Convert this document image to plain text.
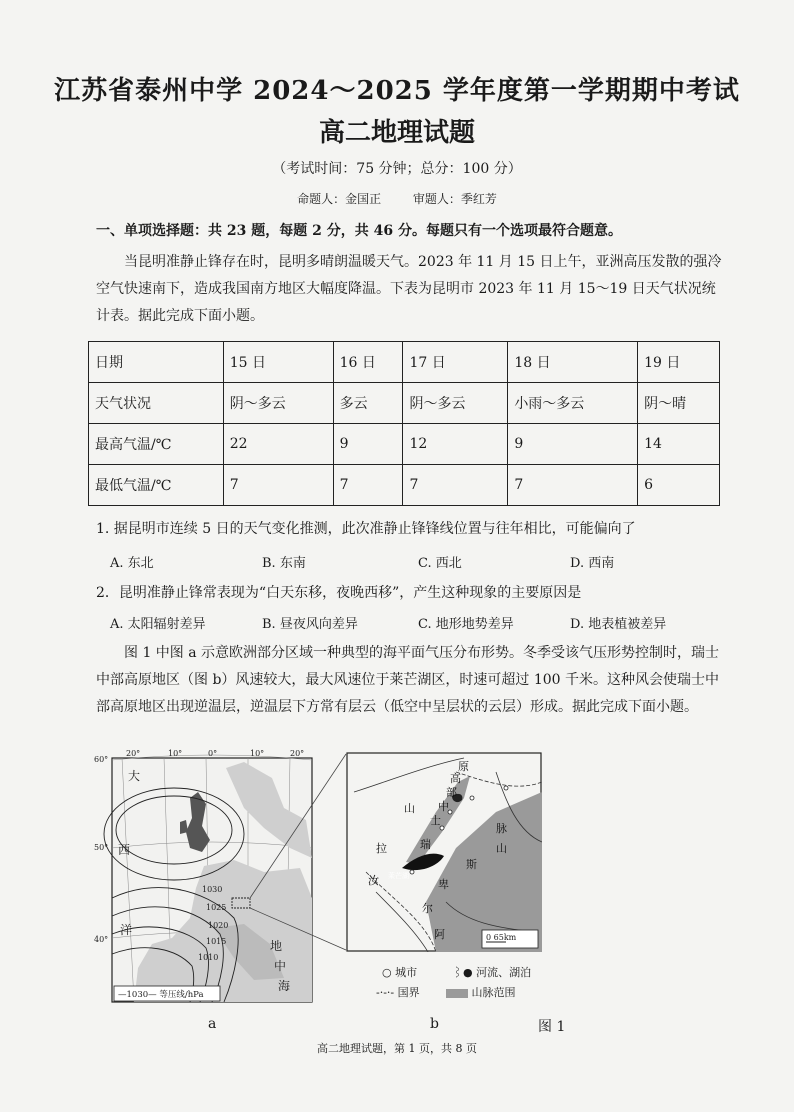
江苏省泰州中学 2024～2025 学年度第一学期期中考试
高二地理试题
（考试时间：75 分钟；总分：100 分）
命题人：金国正	审题人：季红芳
一、单项选择题：共 23 题，每题 2 分，共 46 分。每题只有一个选项最符合题意。
当昆明准静止锋存在时，昆明多晴朗温暖天气。2023 年 11 月 15 日上午，亚洲高压发散的强冷空气快速南下，造成我国南方地区大幅度降温。下表为昆明市 2023 年 11 月 15～19 日天气状况统计表。据此完成下面小题。
日期	15 日	16 日	17 日	18 日	19 日
天气状况	阴～多云	多云	阴～多云	小雨～多云	阴～晴
最高气温/℃	22	9	12	9	14
最低气温/℃	7	7	7	7	6
1. 据昆明市连续 5 日的天气变化推测，此次准静止锋锋线位置与往年相比，可能偏向了
A. 东北	B. 东南	C. 西北	D. 西南
2．昆明准静止锋常表现为“白天东移，夜晚西移”，产生这种现象的主要原因是
A. 太阳辐射差异	B. 昼夜风向差异	C. 地形地势差异	D. 地表植被差异
图 1 中图 a 示意欧洲部分区域一种典型的海平面气压分布形势。冬季受该气压形势控制时，瑞士中部高原地区（图 b）风速较大，最大风速位于莱芒湖区，时速可超过 100 千米。这种风会使瑞士中部高原地区出现逆温层，逆温层下方常有层云（低空中呈层状的云层）形成。据此完成下面小题。
20°	10°	0°	10°	20°
60°
50°
40°
1030
1025
1020
1015
1010
大
西
洋
地
中
海
—1030— 等压线/hPa
汝
拉
山
瑞
士
中
部
高
原
阿
尔
卑
斯
山
脉
莱芒湖
0 65km
○ 城市	⌇● 河流、湖泊
-·-·- 国界	山脉范围
a	b	图 1
高二地理试题，第 1 页，共 8 页
